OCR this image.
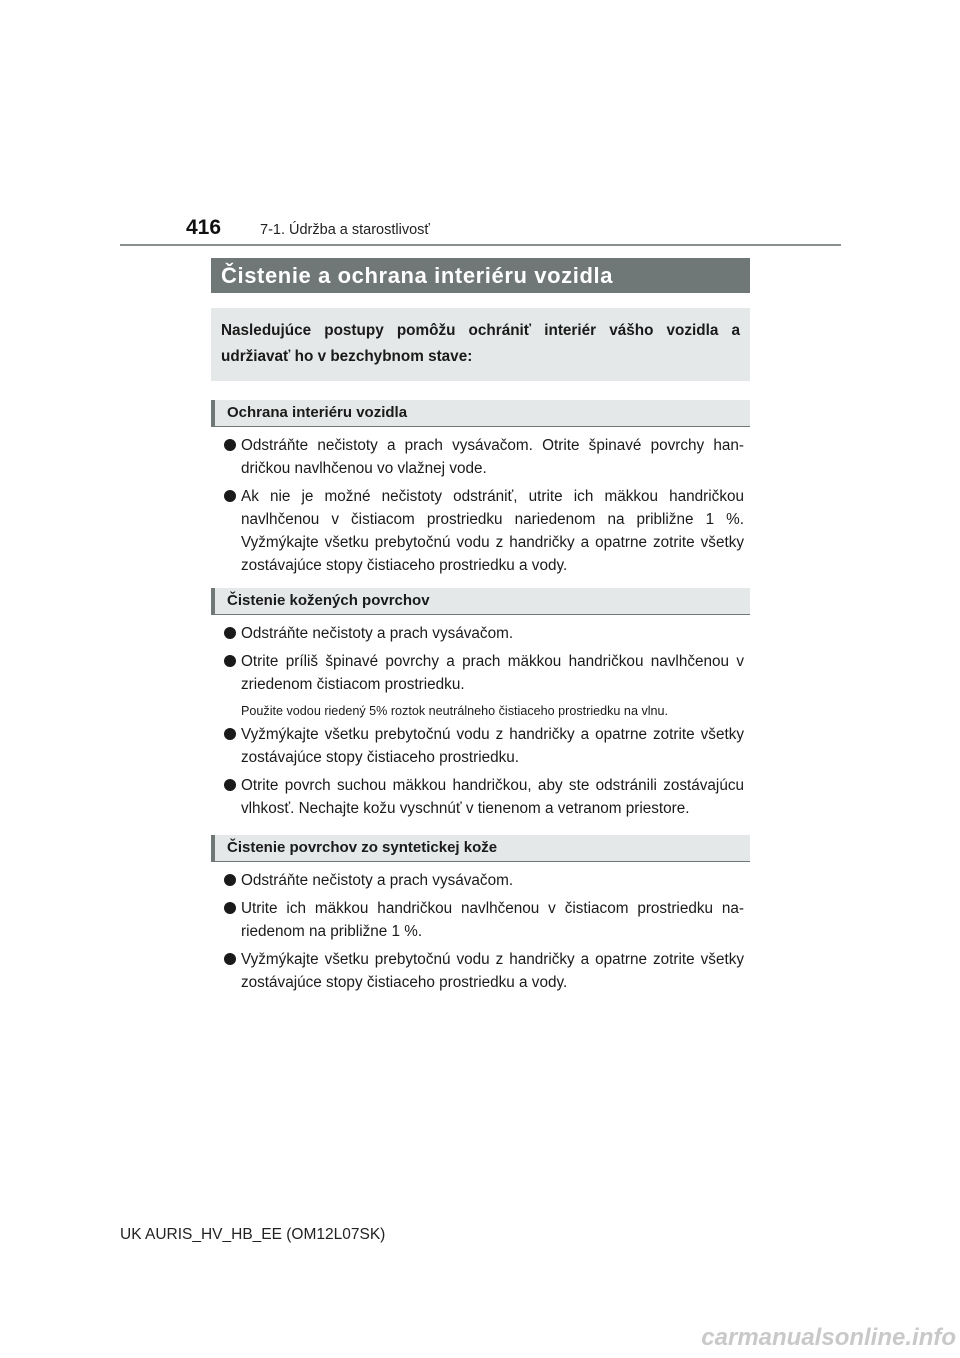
416	7-1. Údržba a starostlivosť
Čistenie a ochrana interiéru vozidla
Nasledujúce postupy pomôžu ochrániť interiér vášho vozidla a udržiavať ho v bezchybnom stave:
Ochrana interiéru vozidla
Odstráňte nečistoty a prach vysávačom. Otrite špinavé povrchy handričkou navlhčenou vo vlažnej vode.
Ak nie je možné nečistoty odstrániť, utrite ich mäkkou handričkou navlhčenou v čistiacom prostriedku nariedenom na približne 1 %. Vyžmýkajte všetku prebytočnú vodu z handričky a opatrne zotrite všetky zostávajúce stopy čistiaceho prostriedku a vody.
Čistenie kožených povrchov
Odstráňte nečistoty a prach vysávačom.
Otrite príliš špinavé povrchy a prach mäkkou handričkou navlhčenou v zriedenom čistiacom prostriedku.
Použite vodou riedený 5% roztok neutrálneho čistiaceho prostriedku na vlnu.
Vyžmýkajte všetku prebytočnú vodu z handričky a opatrne zotrite všetky zostávajúce stopy čistiaceho prostriedku.
Otrite povrch suchou mäkkou handričkou, aby ste odstránili zostávajúcu vlhkosť. Nechajte kožu vyschnúť v tienenom a vetranom priestore.
Čistenie povrchov zo syntetickej kože
Odstráňte nečistoty a prach vysávačom.
Utrite ich mäkkou handričkou navlhčenou v čistiacom prostriedku nariedenom na približne 1 %.
Vyžmýkajte všetku prebytočnú vodu z handričky a opatrne zotrite všetky zostávajúce stopy čistiaceho prostriedku a vody.
UK AURIS_HV_HB_EE (OM12L07SK)
carmanualsonline.info
